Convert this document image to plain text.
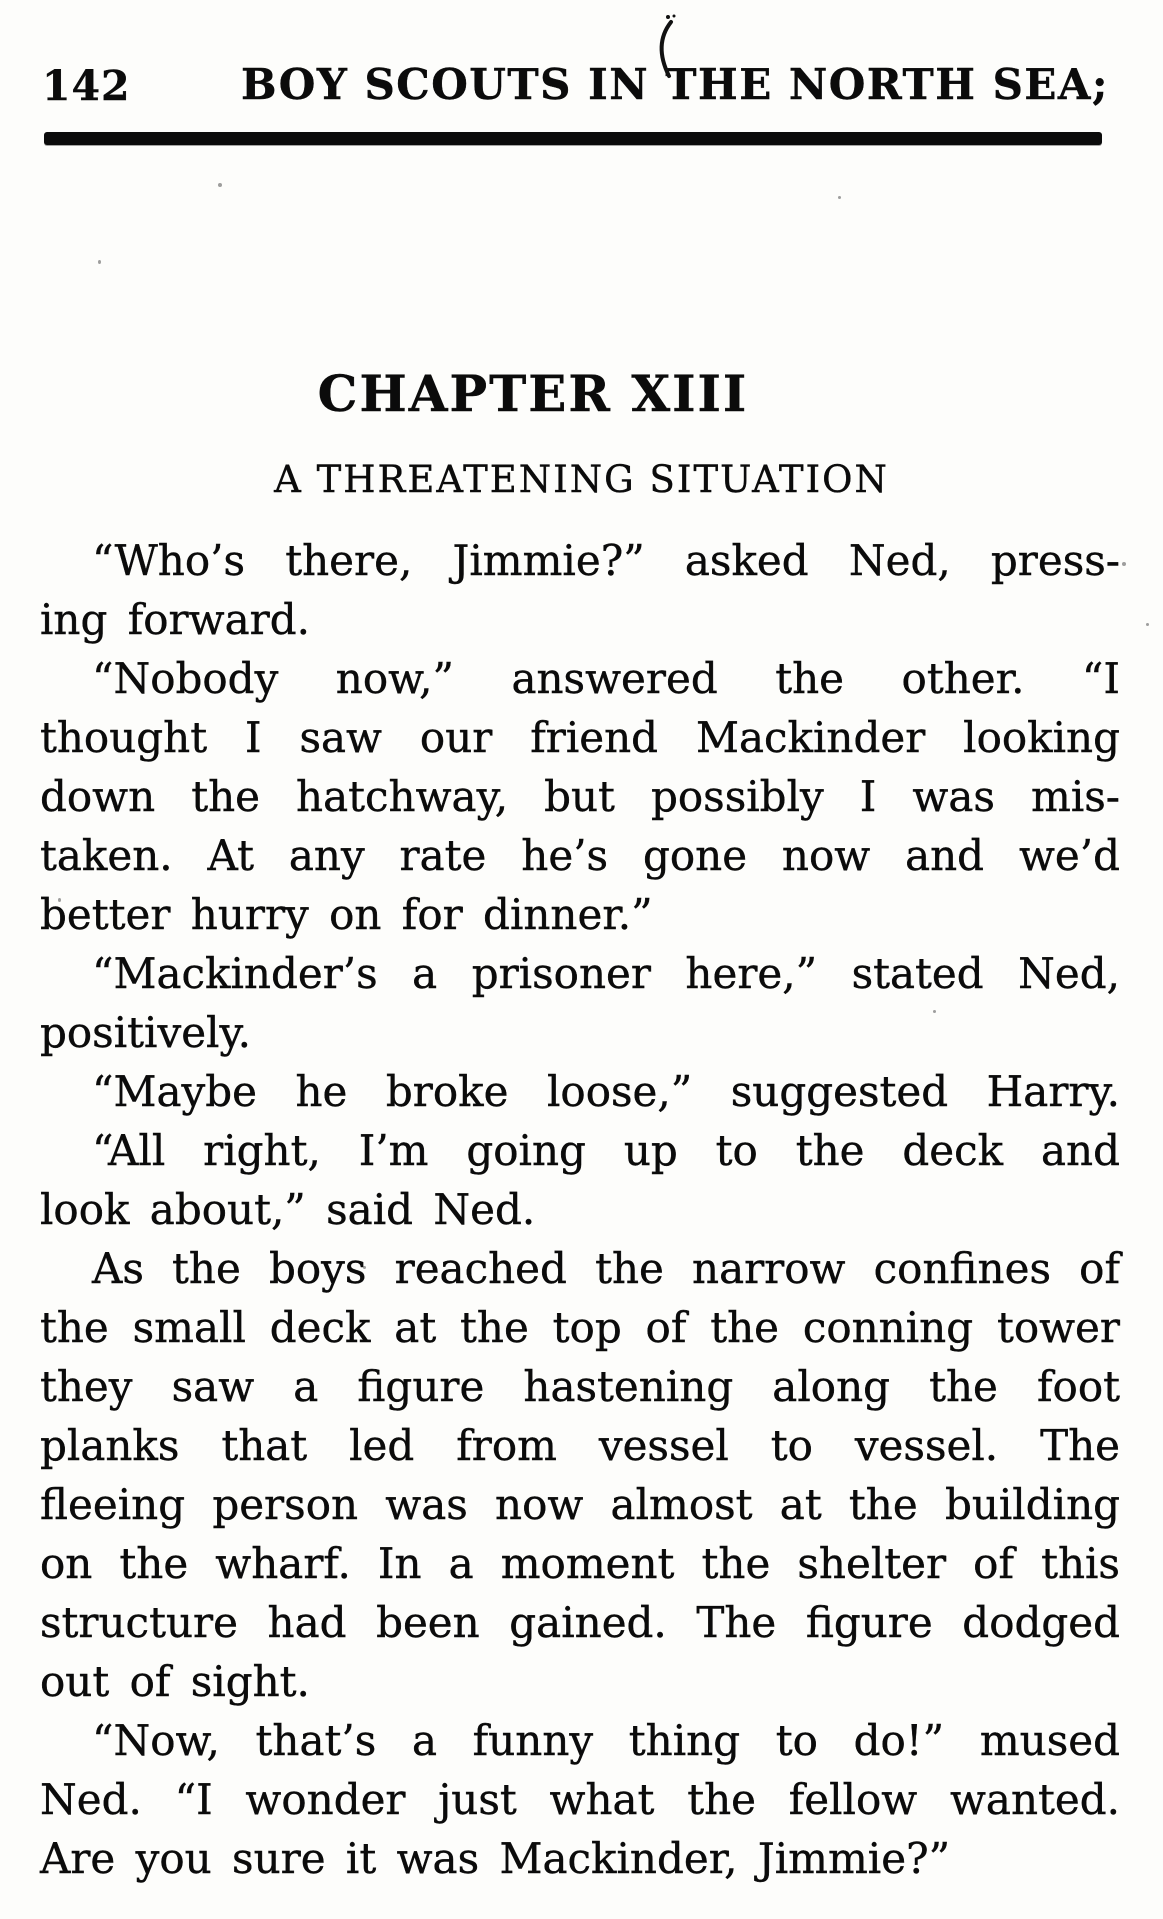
142	BOY SCOUTS IN THE NORTH SEA;
CHAPTER XIII
A THREATENING SITUATION
“Who’s there, Jimmie?” asked Ned, press-
ing forward.
“Nobody now,” answered the other. “I
thought I saw our friend Mackinder looking
down the hatchway, but possibly I was mis-
taken. At any rate he’s gone now and we’d
better hurry on for dinner.”
“Mackinder’s a prisoner here,” stated Ned,
positively.
“Maybe he broke loose,” suggested Harry.
“All right, I’m going up to the deck and
look about,” said Ned.
As the boys reached the narrow confines of
the small deck at the top of the conning tower
they saw a figure hastening along the foot
planks that led from vessel to vessel. The
fleeing person was now almost at the building
on the wharf. In a moment the shelter of this
structure had been gained. The figure dodged
out of sight.
“Now, that’s a funny thing to do!” mused
Ned. “I wonder just what the fellow wanted.
Are you sure it was Mackinder, Jimmie?”
